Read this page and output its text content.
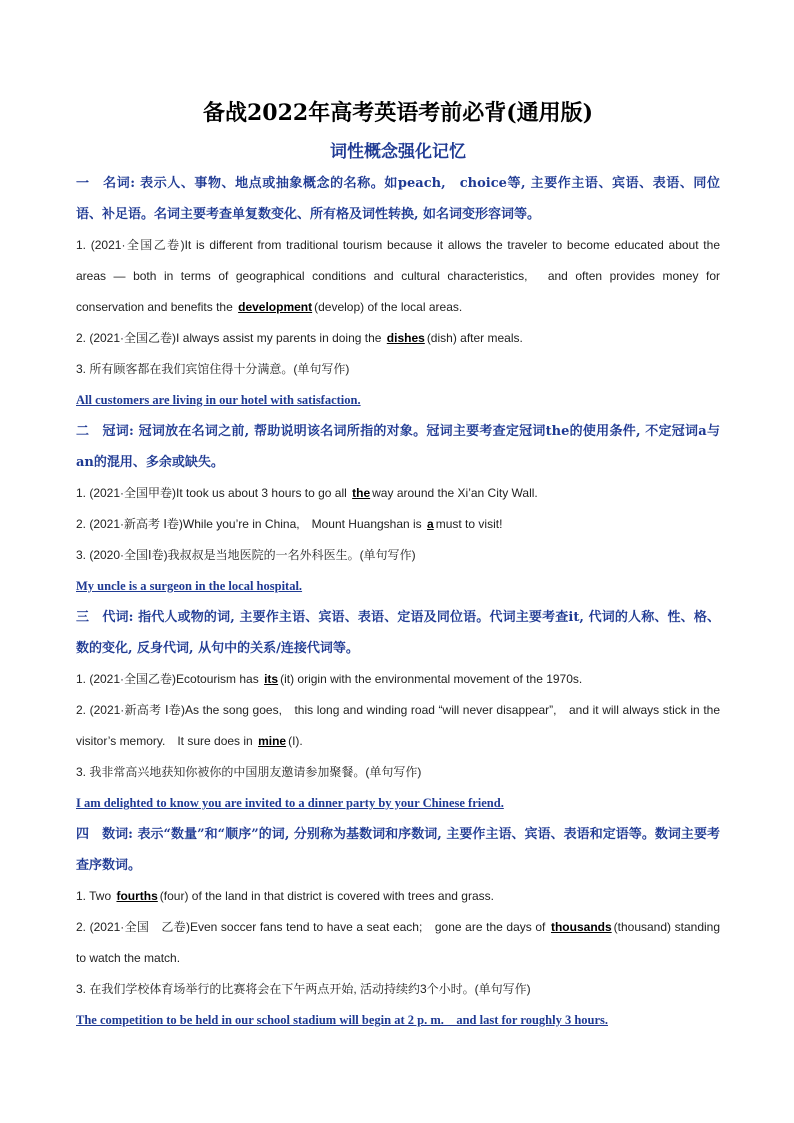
备战2022年高考英语考前必背(通用版)
词性概念强化记忆

一　名词: 表示人、事物、地点或抽象概念的名称。如peach,　choice等, 主要作主语、宾语、表语、同位语、补足语。名词主要考查单复数变化、所有格及词性转换, 如名词变形容词等。

1. (2021·全国乙卷)It is different from traditional tourism because it allows the traveler to become educated about the areas — both in terms of geographical conditions and cultural characteristics,　and often provides money for conservation and benefits the development (develop) of the local areas.

2. (2021·全国乙卷)I always assist my parents in doing the dishes (dish) after meals.

3. 所有顾客都在我们宾馆住得十分满意。(单句写作)

All customers are living in our hotel with satisfaction.

二　冠词: 冠词放在名词之前, 帮助说明该名词所指的对象。冠词主要考查定冠词the的使用条件, 不定冠词a与an的混用、多余或缺失。

1. (2021·全国甲卷)It took us about 3 hours to go all the way around the Xi’an City Wall.

2. (2021·新高考 Ⅰ卷)While you’re in China,　Mount Huangshan is a must to visit!

3. (2020·全国Ⅰ卷)我叔叔是当地医院的一名外科医生。(单句写作)

My uncle is a surgeon in the local hospital.

三　代词: 指代人或物的词, 主要作主语、宾语、表语、定语及同位语。代词主要考查it, 代词的人称、性、格、数的变化, 反身代词, 从句中的关系/连接代词等。

1. (2021·全国乙卷)Ecotourism has its (it) origin with the environmental movement of the 1970s.

2. (2021·新高考 Ⅰ卷)As the song goes,　this long and winding road “will never disappear”,　and it will always stick in the visitor’s memory.　It sure does in mine (I).

3. 我非常高兴地获知你被你的中国朋友邀请参加聚餐。(单句写作)

I am delighted to know you are invited to a dinner party by your Chinese friend.

四　数词: 表示“数量”和“顺序”的词, 分别称为基数词和序数词, 主要作主语、宾语、表语和定语等。数词主要考查序数词。

1. Two fourths (four) of the land in that district is covered with trees and grass.

2. (2021·全国　乙卷)Even soccer fans tend to have a seat each;　gone are the days of thousands (thousand) standing to watch the match.

3. 在我们学校体育场举行的比赛将会在下午两点开始, 活动持续约3个小时。(单句写作)

The competition to be held in our school stadium will begin at 2 p. m.　and last for roughly 3 hours.
